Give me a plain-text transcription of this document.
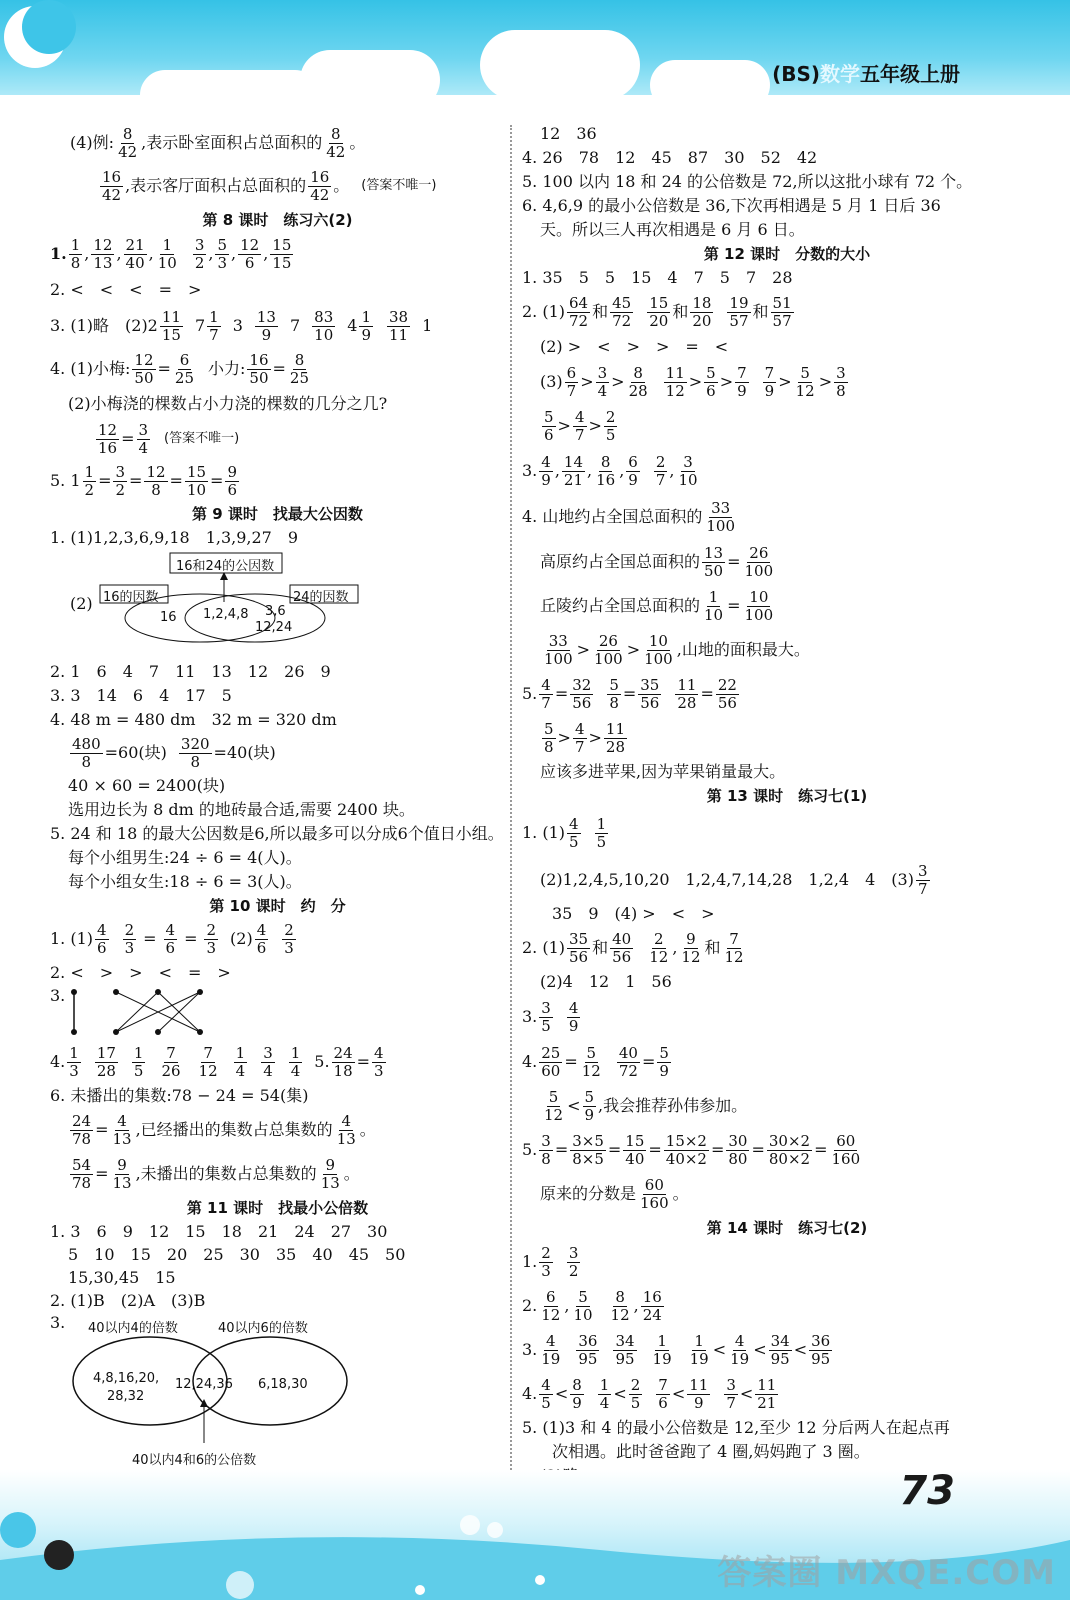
(BS)数学五年级上册
(4)例: 8
42 ,表示卧室面积占总面积的 8
42 。
16
42 ,表示客厅面积占总面积的 16
42 。 (答案不唯一)
第 8 课时　练习六(2)
1. 1
8 , 12
13 , 21
40 , 1
10
3
2 , 5
3 , 12
6 , 15
15
2. <　<　<　=　>
3. (1)略　(2)2 11
15 7 1
7 3 13
9 7 83
10 4 1
9
38
11 1
4. (1)小梅: 12
50 = 6
25 小力: 16
50 = 8
25
(2)小梅浇的棵数占小力浇的棵数的几分之几?
12
16 = 3
4 (答案不唯一)
5. 1 1
2 = 3
2 = 12
8 = 15
10 = 9
6
第 9 课时　找最大公因数
1. (1)1,2,3,6,9,18　1,3,9,27　9
(2)
16和24的公因数
16的因数	24的因数
16 1,2,4,8 3,6
12,24
2. 1　6　4　7　11　13　12　26　9
3. 3　14　6　4　17　5
4. 48 m = 480 dm　32 m = 320 dm
$\frac{480}{8} =60$(块) $\frac{320}{8} =40$(块)
40 × 60 = 2400(块)
选用边长为 8 dm 的地砖最合适,需要 2400 块。
5. 24 和 18 的最大公因数是6,所以最多可以分成6个值日小组。
每个小组男生:24 ÷ 6 = 4(人)。
每个小组女生:18 ÷ 6 = 3(人)。
第 10 课时　约　分
1. (1) 4
$6 \frac{2}{3} = \frac{4}{6} = \frac{2}{3} (2)$ 4
6
2
3
2. <　>　>　<　=　>
3.
4. 1
3
17
28
1
5
7
26
7
12
1
4
3
4
1
4 5. 24
18 = 4
3
6. 未播出的集数:78 − 24 = 54(集)
24
78 = 4
13 ,已经播出的集数占总集数的 4
13 。
54
78 = 9
13 ,未播出的集数占总集数的 9
13 。
第 11 课时　找最小公倍数
1. 3　6　9　12　15　18　21　24　27　30
5　10　15　20　25　30　35　40　45　50
15,30,45　15
2. (1)B　(2)A　(3)B
3. 40以内4的倍数	40以内6的倍数
4,8,16,20,
28,32
12,24,36 6,18,30
40以内4和6的公倍数
12　36
4. 26　78　12　45　87　30　52　42
5. 100 以内 18 和 24 的公倍数是 72,所以这批小球有 72 个。
6. 4,6,9 的最小公倍数是 36,下次再相遇是 5 月 1 日后 36
天。所以三人再次相遇是 6 月 6 日。
第 12 课时　分数的大小
1. 35　5　5　15　4　7　5　7　28
2. (1) 64
72 和 45
72
15
20 和 18
20
19
57 和 51
57
(2) >　<　>　>　=　<
(3) 6
7 > 3
4 > 8
28
11
12 > 5
6 > 7
9
7
9 > 5
12 > 3
8
5
6 > 4
7 > 2
5
3. 4
9 , 14
21 , 8
16 , 6
9
2
7 , 3
10
4. 山地约占全国总面积的 33
100
高原约占全国总面积的 13
50 = 26
100
丘陵约占全国总面积的 1
10 = 10
100
33
100 > 26
100 > 10
100 ,山地的面积最大。
5. 4
7 = 32
56
5
8 = 35
56
11
28 = 22
56
5
8 > 4
7 > 11
28
应该多进苹果,因为苹果销量最大。
第 13 课时　练习七(1)
1. (1) 4
5
1
5
(2)1,2,4,5,10,20　1,2,4,7,14,28　1,2,4　4　(3) 3
7
35　9　(4) >　<　>
2. (1) 35
56 和 40
56
2
12 , 9
12 和 7
12
(2)4　12　1　56
3. 3
5
4
9
4. 25
60 = 5
12
40
72 = 5
9
5
12 < 5
9 ,我会推荐孙伟参加。
5. 3
8 = 3×5
8×5 = 15
40 = 15×2
40×2 = 30
80 = 30×2
80×2 = 60
160
原来的分数是 60
160 。
第 14 课时　练习七(2)
1. 2
3
3
2
2. 6
12 , 5
10
8
12 , 16
24
3. 4
19
36
95
34
95
1
19
1
19 < 4
19 < 34
95 < 36
95
4. 4
5 < 8
9
1
4 < 2
5
7
6 < 11
9
3
7 < 11
21
5. (1)3 和 4 的最小公倍数是 12,至少 12 分后两人在起点再
次相遇。此时爸爸跑了 4 圈,妈妈跑了 3 圈。
73
答案圈 MXQE.COM
